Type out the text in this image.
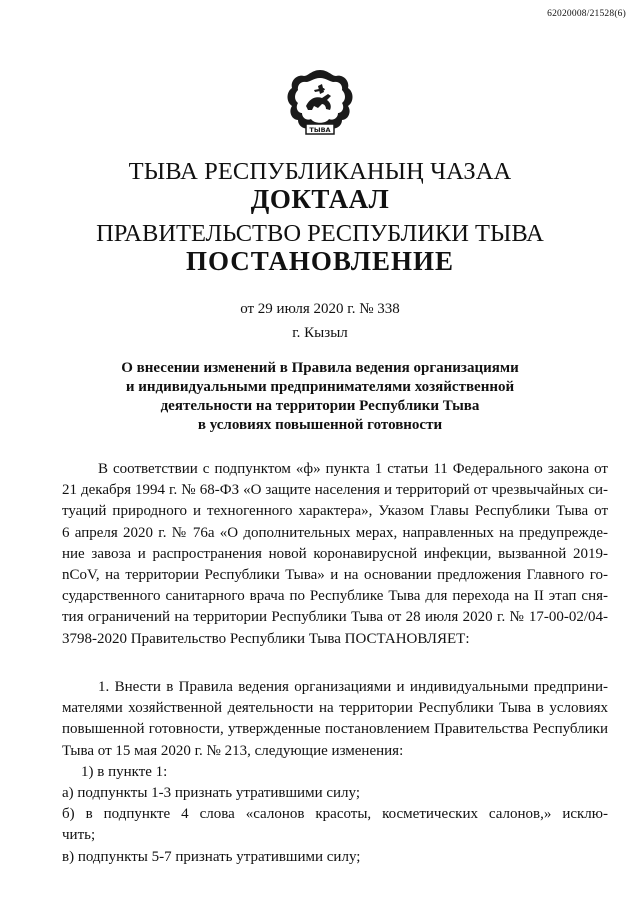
62020008/21528(6)
ТЫВА
ТЫВА РЕСПУБЛИКАНЫҢ ЧАЗАА
ДОКТААЛ
ПРАВИТЕЛЬСТВО РЕСПУБЛИКИ ТЫВА
ПОСТАНОВЛЕНИЕ
от 29 июля 2020 г. № 338
г. Кызыл
О внесении изменений в Правила ведения организациями
и индивидуальными предпринимателями хозяйственной
деятельности на территории Республики Тыва
в условиях повышенной готовности
В соответствии с подпунктом «ф» пункта 1 статьи 11 Федерального закона от
21 декабря 1994 г. № 68-ФЗ «О защите населения и территорий от чрезвычайных си-
туаций природного и техногенного характера», Указом Главы Республики Тыва от
6 апреля 2020 г. № 76а «О дополнительных мерах, направленных на предупрежде-
ние завоза и распространения новой коронавирусной инфекции, вызванной 2019-
nCoV, на территории Республики Тыва» и на основании предложения Главного го-
сударственного санитарного врача по Республике Тыва для перехода на II этап сня-
тия ограничений на территории Республики Тыва от 28 июля 2020 г. № 17-00-02/04-
3798-2020 Правительство Республики Тыва ПОСТАНОВЛЯЕТ:
1. Внести в Правила ведения организациями и индивидуальными предприни-
мателями хозяйственной деятельности на территории Республики Тыва в условиях
повышенной готовности, утвержденные постановлением Правительства Республики
Тыва от 15 мая 2020 г. № 213, следующие изменения:
1) в пункте 1:
а) подпункты 1-3 признать утратившими силу;
б) в подпункте 4 слова «салонов красоты, косметических салонов,» исклю-
чить;
в) подпункты 5-7 признать утратившими силу;
